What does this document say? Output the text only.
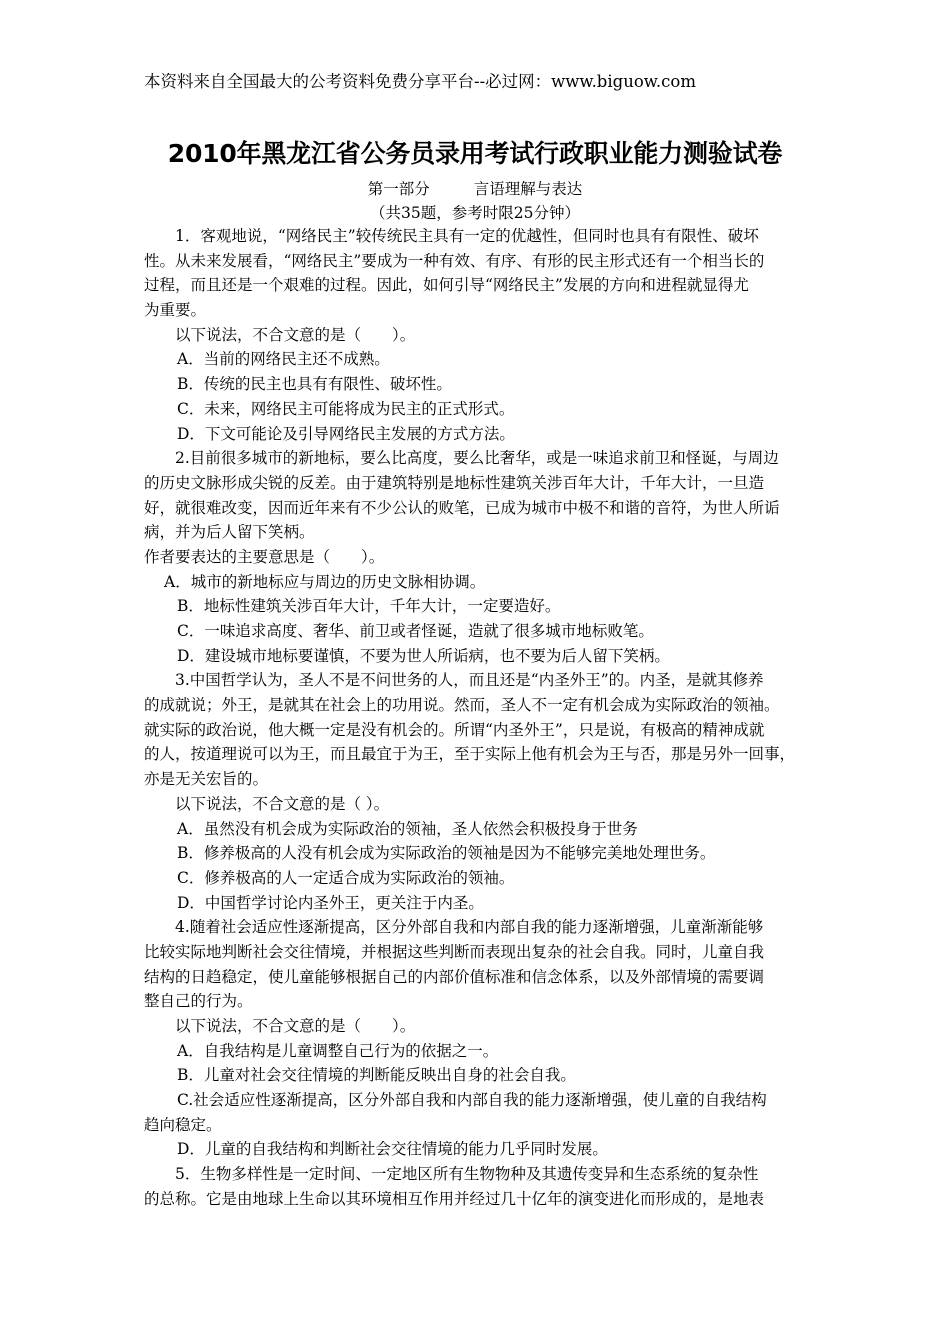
本资料来自全国最大的公考资料免费分享平台--必过网：www.biguow.com
2010年黑龙江省公务员录用考试行政职业能力测验试卷
第一部分	言语理解与表达
（共35题，参考时限25分钟）
1．客观地说，“网络民主”较传统民主具有一定的优越性，但同时也具有有限性、破坏
性。从未来发展看，“网络民主”要成为一种有效、有序、有形的民主形式还有一个相当长的
过程，而且还是一个艰难的过程。因此，如何引导“网络民主”发展的方向和进程就显得尤
为重要。
以下说法，不合文意的是（　　）。
A．当前的网络民主还不成熟。
B．传统的民主也具有有限性、破坏性。
C．未来，网络民主可能将成为民主的正式形式。
D．下文可能论及引导网络民主发展的方式方法。
2.目前很多城市的新地标，要么比高度，要么比奢华，或是一味追求前卫和怪诞，与周边
的历史文脉形成尖锐的反差。由于建筑特别是地标性建筑关涉百年大计，千年大计，一旦造
好，就很难改变，因而近年来有不少公认的败笔，已成为城市中极不和谐的音符，为世人所诟
病，并为后人留下笑柄。
作者要表达的主要意思是（　　）。
A．城市的新地标应与周边的历史文脉相协调。
B．地标性建筑关涉百年大计，千年大计，一定要造好。
C．一味追求高度、奢华、前卫或者怪诞，造就了很多城市地标败笔。
D．建设城市地标要谨慎，不要为世人所诟病，也不要为后人留下笑柄。
3.中国哲学认为，圣人不是不问世务的人，而且还是“内圣外王”的。内圣，是就其修养
的成就说；外王，是就其在社会上的功用说。然而，圣人不一定有机会成为实际政治的领袖。
就实际的政治说，他大概一定是没有机会的。所谓“内圣外王”，只是说，有极高的精神成就
的人，按道理说可以为王，而且最宜于为王，至于实际上他有机会为王与否，那是另外一回事，
亦是无关宏旨的。
以下说法，不合文意的是（ ）。
A．虽然没有机会成为实际政治的领袖，圣人依然会积极投身于世务
B．修养极高的人没有机会成为实际政治的领袖是因为不能够完美地处理世务。
C．修养极高的人一定适合成为实际政治的领袖。
D．中国哲学讨论内圣外王，更关注于内圣。
4.随着社会适应性逐渐提高，区分外部自我和内部自我的能力逐渐增强，儿童渐渐能够
比较实际地判断社会交往情境，并根据这些判断而表现出复杂的社会自我。同时，儿童自我
结构的日趋稳定，使儿童能够根据自己的内部价值标准和信念体系，以及外部情境的需要调
整自己的行为。
以下说法，不合文意的是（　　）。
A．自我结构是儿童调整自己行为的依据之一。
B．儿童对社会交往情境的判断能反映出自身的社会自我。
C.社会适应性逐渐提高，区分外部自我和内部自我的能力逐渐增强，使儿童的自我结构
趋向稳定。
D．儿童的自我结构和判断社会交往情境的能力几乎同时发展。
5．生物多样性是一定时间、一定地区所有生物物种及其遗传变异和生态系统的复杂性
的总称。它是由地球上生命以其环境相互作用并经过几十亿年的演变进化而形成的，是地表
